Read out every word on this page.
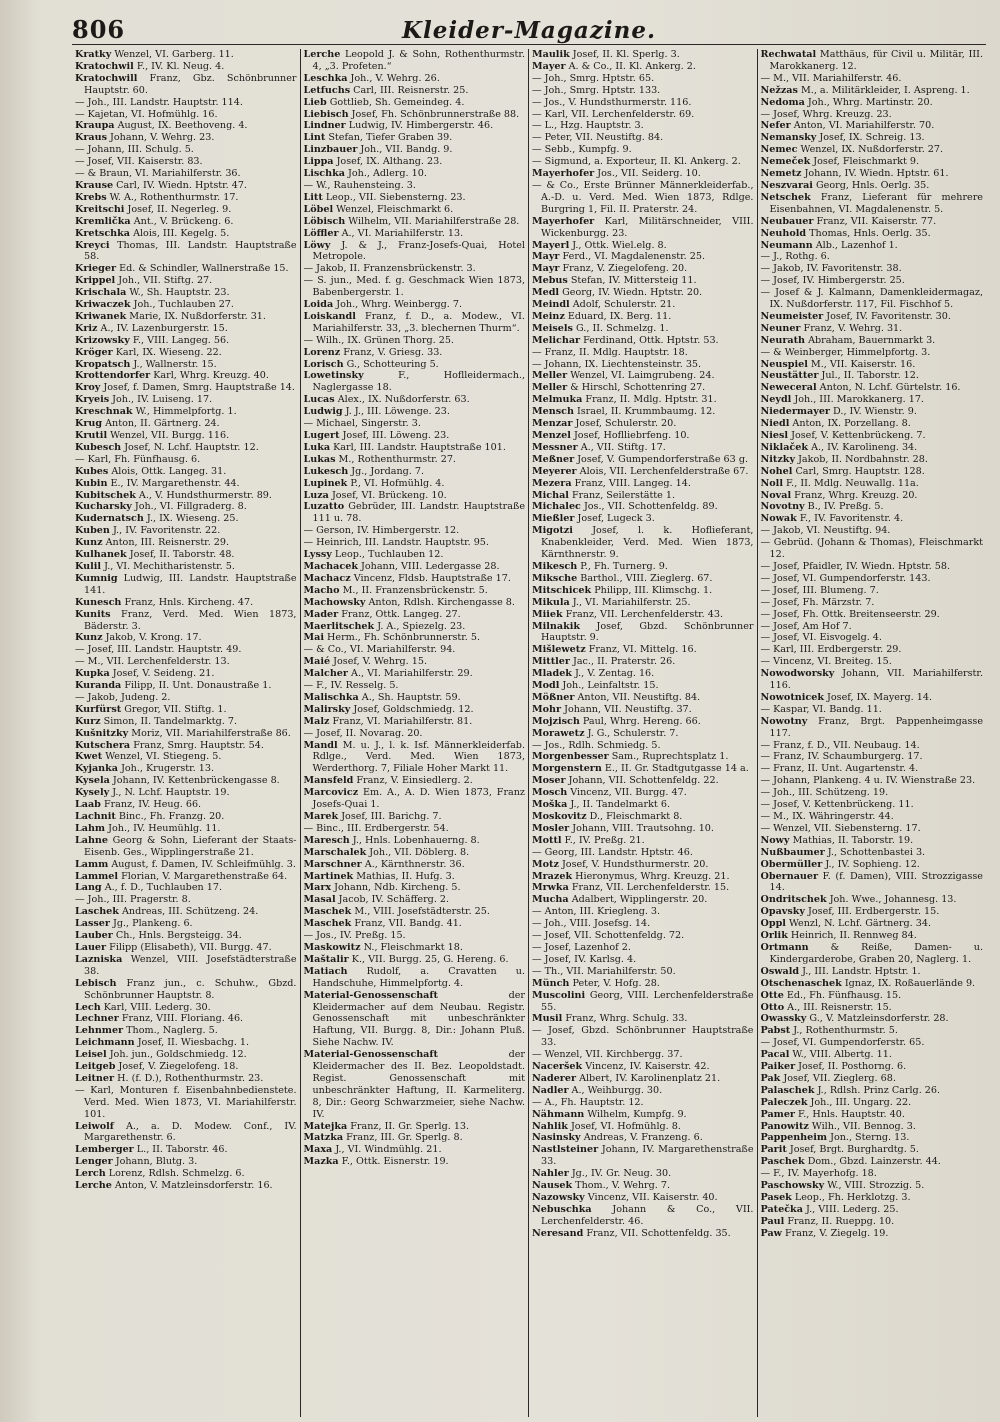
806	Kleider-Magazine.
Kratky Wenzel, VI. Garberg. 11.
Kratochwil F., IV. Kl. Neug. 4.
Kratochwill Franz, Gbz. Schönbrunner Hauptstr. 60.
— Joh., III. Landstr. Hauptstr. 114.
— Kajetan, VI. Hofmühlg. 16.
Kraupa August, IX. Beethoveng. 4.
Kraus Johann, V. Wehrg. 23.
— Johann, III. Schulg. 5.
— Josef, VII. Kaiserstr. 83.
— & Braun, VI. Mariahilferstr. 36.
Krause Carl, IV. Wiedn. Hptstr. 47.
Krebs W. A., Rothenthurmstr. 17.
Kreitschi Josef, II. Negerleg. 9.
Kremlička Ant., V. Brückeng. 6.
Kretschka Alois, III. Kegelg. 5.
Kreyci Thomas, III. Landstr. Hauptstraße 58.
Krieger Ed. & Schindler, Wallnerstraße 15.
Krippel Joh., VII. Stiftg. 27.
Krischala W., Sh. Hauptstr. 23.
Kriwaczek Joh., Tuchlauben 27.
Kriwanek Marie, IX. Nußdorferstr. 31.
Kriz A., IV. Lazenburgerstr. 15.
Krizowsky F., VIII. Langeg. 56.
Kröger Karl, IX. Wieseng. 22.
Kropatsch J., Wallnerstr. 15.
Krottendorfer Karl, Whrg. Kreuzg. 40.
Kroy Josef, f. Damen, Smrg. Hauptstraße 14.
Kryeis Joh., IV. Luiseng. 17.
Kreschnak W., Himmelpfortg. 1.
Krug Anton, II. Gärtnerg. 24.
Krutil Wenzel, VII. Burgg. 116.
Kubesch Josef, N. Lchf. Hauptstr. 12.
— Karl, Fh. Fünfhausg. 6.
Kubes Alois, Ottk. Langeg. 31.
Kubin E., IV. Margarethenstr. 44.
Kubitschek A., V. Hundsthurmerstr. 89.
Kucharsky Joh., VI. Fillgraderg. 8.
Kudernatsch J., IX. Wieseng. 25.
Kuben J., IV. Favoritenstr. 22.
Kunz Anton, III. Reisnerstr. 29.
Kulhanek Josef, II. Taborstr. 48.
Kulil J., VI. Mechitharistenstr. 5.
Kumnig Ludwig, III. Landstr. Hauptstraße 141.
Kunesch Franz, Hnls. Kircheng. 47.
Kunits Franz, Verd. Med. Wien 1873, Bäderstr. 3.
Kunz Jakob, V. Krong. 17.
— Josef, III. Landstr. Hauptstr. 49.
— M., VII. Lerchenfelderstr. 13.
Kupka Josef, V. Seideng. 21.
Kuranda Filipp, II. Unt. Donaustraße 1.
— Jakob, Judeng. 2.
Kurfürst Gregor, VII. Stiftg. 1.
Kurz Simon, II. Tandelmarktg. 7.
Kušnitzky Moriz, VII. Mariahilferstraße 86.
Kutschera Franz, Smrg. Hauptstr. 54.
Kwet Wenzel, VI. Stiegeng. 5.
Kyjanka Joh., Krugerstr. 13.
Kysela Johann, IV. Kettenbrückengasse 8.
Kysely J., N. Lchf. Hauptstr. 19.
Laab Franz, IV. Heug. 66.
Lachnit Binc., Fh. Franzg. 20.
Lahm Joh., IV. Heumühlg. 11.
Lahne Georg & Sohn, Lieferant der Staats-Eisenb. Ges., Wipplingerstraße 21.
Lamm August, f. Damen, IV. Schleifmühlg. 3.
Lammel Florian, V. Margarethenstraße 64.
Lang A., f. D., Tuchlauben 17.
— Joh., III. Pragerstr. 8.
Laschek Andreas, III. Schützeng. 24.
Lasser Jg., Plankeng. 6.
Lauber Ch., Hnls. Bergsteigg. 34.
Lauer Filipp (Elisabeth), VII. Burgg. 47.
Lazniska Wenzel, VIII. Josefstädterstraße 38.
Lebisch Franz jun., c. Schuhw., Gbzd. Schönbrunner Hauptstr. 8.
Lech Karl, VIII. Lederg. 30.
Lechner Franz, VIII. Floriang. 46.
Lehnmer Thom., Naglerg. 5.
Leichmann Josef, II. Wiesbachg. 1.
Leisel Joh. jun., Goldschmiedg. 12.
Leitgeb Josef, V. Ziegelofeng. 18.
Leitner H. (f. D.), Rothenthurmstr. 23.
— Karl, Monturen f. Eisenbahnbedienstete. Verd. Med. Wien 1873, VI. Mariahilferstr. 101.
Leiwolf A., a. D. Modew. Conf., IV. Margarethenstr. 6.
Lemberger L., II. Taborstr. 46.
Lenger Johann, Blutg. 3.
Lerch Lorenz, Rdlsh. Schmelzg. 6.
Lerche Anton, V. Matzleinsdorferstr. 16.
Lerche Leopold J. & Sohn, Rothenthurmstr. 4, „3. Profeten.“
Leschka Joh., V. Wehrg. 26.
Letfuchs Carl, III. Reisnerstr. 25.
Lieb Gottlieb, Sh. Gemeindeg. 4.
Liebisch Josef, Fh. Schönbrunnerstraße 88.
Lindner Ludwig, IV. Himbergerstr. 46.
Lint Stefan, Tiefer Graben 39.
Linzbauer Joh., VII. Bandg. 9.
Lippa Josef, IX. Althang. 23.
Lischka Joh., Adlerg. 10.
— W., Rauhensteing. 3.
Litt Leop., VII. Siebensterng. 23.
Löbel Wenzel, Fleischmarkt 6.
Löbisch Wilhelm, VII. Mariahilferstraße 28.
Löffler A., VI. Mariahilferstr. 13.
Löwy J. & J., Franz-Josefs-Quai, Hotel Metropole.
— Jakob, II. Franzensbrückenstr. 3.
— S. jun., Med. f. g. Geschmack Wien 1873, Babenbergerstr. 1.
Loida Joh., Whrg. Weinbergg. 7.
Loiskandl Franz, f. D., a. Modew., VI. Mariahilferstr. 33, „3. blechernen Thurm“.
— Wilh., IX. Grünen Thorg. 25.
Lorenz Franz, V. Griesg. 33.
Lorisch G., Schotteuring 5.
Lowetinsky F., Hoflleidermach., Naglergasse 18.
Lucas Alex., IX. Nußdorferstr. 63.
Ludwig J. J., III. Löwenge. 23.
— Michael, Singerstr. 3.
Lugert Josef, III. Löweng. 23.
Luka Karl, III. Landstr. Hauptstraße 101.
Lukas M., Rothenthurmstr. 27.
Lukesch Jg., Jordang. 7.
Lupinek P., VI. Hofmühlg. 4.
Luza Josef, VI. Brückeng. 10.
Luzatto Gebrüder, III. Landstr. Hauptstraße 111 u. 78.
— Gerson, IV. Himbergerstr. 12.
— Heinrich, III. Landstr. Hauptstr. 95.
Lyssy Leop., Tuchlauben 12.
Machacek Johann, VIII. Ledergasse 28.
Machacz Vincenz, Fldsb. Hauptstraße 17.
Macho M., II. Franzensbrückenstr. 5.
Machowsky Anton, Rdlsh. Kirchengasse 8.
Mader Franz, Ottk. Langeg. 27.
Maerlitschek J. A., Spiezelg. 23.
Mai Herm., Fh. Schönbrunnerstr. 5.
— & Co., VI. Mariahilferstr. 94.
Maié Josef, V. Wehrg. 15.
Malcher A., VI. Mariahilferstr. 29.
— F., IV. Resselg. 5.
Malischka A., Sh. Hauptstr. 59.
Malirsky Josef, Goldschmiedg. 12.
Malz Franz, VI. Mariahilferstr. 81.
— Josef, II. Novarag. 20.
Mandl M. u. J., l. k. Isf. Männerkleiderfab. Rdlge., Verd. Med. Wien 1873, Werderthorg. 7, Filiale Hoher Markt 11.
Mansfeld Franz, V. Einsiedlerg. 2.
Marcovicz Em. A., A. D. Wien 1873, Franz Josefs-Quai 1.
Marek Josef, III. Barichg. 7.
— Binc., III. Erdbergerstr. 54.
Maresch J., Hnls. Lobenhauerng. 8.
Marschalek Joh., VII. Döblerg. 8.
Marschner A., Kärnthnerstr. 36.
Martinek Mathias, II. Hufg. 3.
Marx Johann, Ndb. Kircheng. 5.
Masal Jacob, IV. Schäfferg. 2.
Maschek M., VIII. Josefstädterstr. 25.
Maschek Franz, VII. Bandg. 41.
— Jos., IV. Preßg. 15.
Maskowitz N., Fleischmarkt 18.
Maštalir K., VII. Burgg. 25, G. Hereng. 6.
Matiach Rudolf, a. Cravatten u. Handschuhe, Himmelpfortg. 4.
Material-Genossenschaft der Kleidermacher auf dem Neubau. Registr. Genossenschaft mit unbeschränkter Haftung, VII. Burgg. 8, Dir.: Johann Pluß. Siehe Nachw. IV.
Material-Genossenschaft der Kleidermacher des II. Bez. Leopoldstadt. Regist. Genossenschaft mit unbeschränkter Haftung, II. Karmeliterg. 8, Dir.: Georg Schwarzmeier, siehe Nachw. IV.
Matejka Franz, II. Gr. Sperlg. 13.
Matzka Franz, III. Gr. Sperlg. 8.
Maxa J., VI. Windmühlg. 21.
Mazka F., Ottk. Eisnerstr. 19.
Maulik Josef, II. Kl. Sperlg. 3.
Mayer A. & Co., II. Kl. Ankerg. 2.
— Joh., Smrg. Hptstr. 65.
— Joh., Smrg. Hptstr. 133.
— Jos., V. Hundsthurmerstr. 116.
— Karl, VII. Lerchenfelderstr. 69.
— L., Hzg. Hauptstr. 3.
— Peter, VII. Neustiftg. 84.
— Sebb., Kumpfg. 9.
— Sigmund, a. Exporteur, II. Kl. Ankerg. 2.
Mayerhofer Jos., VII. Seiderg. 10.
— & Co., Erste Brünner Männerkleiderfab., A.-D. u. Verd. Med. Wien 1873, Rdlge. Burgring 1, Fil. II. Praterstr. 24.
Mayerhofer Karl, Militärschneider, VIII. Wickenburgg. 23.
Mayerl J., Ottk. Wiel.elg. 8.
Mayr Ferd., VI. Magdalenenstr. 25.
Mayr Franz, V. Ziegelofeng. 20.
Mebus Stefan, IV. Mittersteig 11.
Medl Georg, IV. Wiedn. Hptstr. 20.
Meindl Adolf, Schulerstr. 21.
Meinz Eduard, IX. Berg. 11.
Meisels G., II. Schmelzg. 1.
Melichar Ferdinand, Ottk. Hptstr. 53.
— Franz, II. Mdlg. Hauptstr. 18.
— Johann, IX. Liechtensteinstr. 35.
Meller Wenzel, VI. Laimgrubeng. 24.
Meller & Hirschl, Schottenring 27.
Melmuka Franz, II. Mdlg. Hptstr. 31.
Mensch Israel, II. Krummbaumg. 12.
Menzar Josef, Schulerstr. 20.
Menzel Josef, Hoflliebrfeng. 10.
Messner A., VII. Stiftg. 17.
Meßner Josef, V. Gumpendorferstraße 63 g.
Meyerer Alois, VII. Lerchenfelderstraße 67.
Mezera Franz, VIII. Langeg. 14.
Michal Franz, Seilerstätte 1.
Michalec Jos., VII. Schottenfeldg. 89.
Mießler Josef, Lugeck 3.
Migotzi Josef, l. k. Hoflieferant, Knabenkleider, Verd. Med. Wien 1873, Kärnthnerstr. 9.
Mikesch P., Fh. Turnerg. 9.
Miksche Barthol., VIII. Zieglerg. 67.
Mitschicek Philipp, III. Klimschg. 1.
Mikula J., VI. Mariahilferstr. 25.
Miiek Franz, VII. Lerchenfelderstr. 43.
Milnakik Josef, Gbzd. Schönbrunner Hauptstr. 9.
Mišlewetz Franz, VI. Mittelg. 16.
Mittler Jac., II. Praterstr. 26.
Mladek J., V. Zentag. 16.
Modl Joh., Leinfaltstr. 15.
Mößner Anton, VII. Neustiftg. 84.
Mohr Johann, VII. Neustiftg. 37.
Mojzisch Paul, Whrg. Hereng. 66.
Morawetz J. G., Schulerstr. 7.
— Jos., Rdlh. Schmiedg. 5.
Morgenbesser Sam., Ruprechtsplatz 1.
Morgenstern E., II. Gr. Stadtgutgasse 14 a.
Moser Johann, VII. Schottenfeldg. 22.
Mosch Vincenz, VII. Burgg. 47.
Moška J., II. Tandelmarkt 6.
Moskovitz D., Fleischmarkt 8.
Mosler Johann, VIII. Trautsohng. 10.
Mottl F., IV. Preßg. 21.
— Georg, III. Landstr. Hptstr. 46.
Motz Josef, V. Hundsthurmerstr. 20.
Mrazek Hieronymus, Whrg. Kreuzg. 21.
Mrwka Franz, VII. Lerchenfelderstr. 15.
Mucha Adalbert, Wipplingerstr. 20.
— Anton, III. Kriegleng. 3.
— Joh., VIII. Josefsg. 14.
— Josef, VII. Schottenfeldg. 72.
— Josef, Lazenhof 2.
— Josef, IV. Karlsg. 4.
— Th., VII. Mariahilferstr. 50.
Münch Peter, V. Hofg. 28.
Muscolini Georg, VIII. Lerchenfelderstraße 55.
Musil Franz, Whrg. Schulg. 33.
— Josef, Gbzd. Schönbrunner Hauptstraße 33.
— Wenzel, VII. Kirchbergg. 37.
Naceršek Vincenz, IV. Kaiserstr. 42.
Naderer Albert, IV. Karolinenplatz 21.
Nadler A., Weihburgg. 30.
— A., Fh. Hauptstr. 12.
Nähmann Wilhelm, Kumpfg. 9.
Nahlik Josef, VI. Hofmühlg. 8.
Nasinsky Andreas, V. Franzeng. 6.
Nastlsteiner Johann, IV. Margarethenstraße 33.
Nahler Jg., IV. Gr. Neug. 30.
Nausek Thom., V. Wehrg. 7.
Nazowsky Vincenz, VII. Kaiserstr. 40.
Nebuschka Johann & Co., VII. Lerchenfelderstr. 46.
Neresand Franz, VII. Schottenfeldg. 35.
Rechwatal Matthäus, für Civil u. Militär, III. Marokkanerg. 12.
— M., VII. Mariahilferstr. 46.
Nežzas M., a. Militärkleider, I. Aspreng. 1.
Nedoma Joh., Whrg. Martinstr. 20.
— Josef, Whrg. Kreuzg. 23.
Nefer Anton, VI. Mariahilferstr. 70.
Nemansky Josef, IX. Schreig. 13.
Nemec Wenzel, IX. Nußdorferstr. 27.
Nemeček Josef, Fleischmarkt 9.
Nemetz Johann, IV. Wiedn. Hptstr. 61.
Neszvarai Georg, Hnls. Oerlg. 35.
Netschek Franz, Lieferant für mehrere Eisenbahnen, VI. Magdalenenstr. 5.
Neubauer Franz, VII. Kaiserstr. 77.
Neuhold Thomas, Hnls. Oerlg. 35.
Neumann Alb., Lazenhof 1.
— J., Rothg. 6.
— Jakob, IV. Favoritenstr. 38.
— Josef, IV. Himbergerstr. 25.
— Josef & J. Kalmann, Damenkleidermagaz, IX. Nußdorferstr. 117, Fil. Fischhof 5.
Neumeister Josef, IV. Favoritenstr. 30.
Neuner Franz, V. Wehrg. 31.
Neurath Abraham, Bauernmarkt 3.
— & Weinberger, Himmelpfortg. 3.
Neuspiel M., VII. Kaiserstr. 16.
Neustätter Jul., II. Taborstr. 12.
Neweceral Anton, N. Lchf. Gürtelstr. 16.
Neydl Joh., III. Marokkanerg. 17.
Niedermayer D., IV. Wienstr. 9.
Niedl Anton, IX. Porzellang. 8.
Niesl Josef, V. Kettenbrückeng. 7.
Niklaček A., IV. Karolineng. 34.
Nitzky Jakob, II. Nordbahnstr. 28.
Nohel Carl, Smrg. Hauptstr. 128.
Noll F., II. Mdlg. Neuwallg. 11a.
Noval Franz, Whrg. Kreuzg. 20.
Novotny B., IV. Preßg. 5.
Nowak F., IV. Favoritenstr. 4.
— Jakob, VI. Neustiftg. 94.
— Gebrüd. (Johann & Thomas), Fleischmarkt 12.
— Josef, Pfaidler, IV. Wiedn. Hptstr. 58.
— Josef, VI. Gumpendorferstr. 143.
— Josef, III. Blumeng. 7.
— Josef, Fh. Märzstr. 7.
— Josef, Fh. Ottk. Breitenseerstr. 29.
— Josef, Am Hof 7.
— Josef, VI. Eisvogelg. 4.
— Karl, III. Erdbergerstr. 29.
— Vincenz, VI. Breiteg. 15.
Nowodworsky Johann, VII. Mariahilferstr. 116.
Nowotnicek Josef, IX. Mayerg. 14.
— Kaspar, VI. Bandg. 11.
Nowotny Franz, Brgt. Pappenheimgasse 117.
— Franz, f. D., VII. Neubaug. 14.
— Franz, IV. Schaumburgerg. 17.
— Franz, II. Unt. Augartenstr. 4.
— Johann, Plankeng. 4 u. IV. Wienstraße 23.
— Joh., III. Schützeng. 19.
— Josef, V. Kettenbrückeng. 11.
— M., IX. Währingerstr. 44.
— Wenzel, VII. Siebensterng. 17.
Nowy Mathias, II. Taborstr. 19.
Nußbaumer J., Schottenbastei 3.
Obermüller J., IV. Sophieng. 12.
Obernauer F. (f. Damen), VIII. Strozzigasse 14.
Ondritschek Joh. Wwe., Johannesg. 13.
Opavsky Josef, III. Erdbergerstr. 15.
Oppl Wenzl, N. Lchf. Gärtnerg. 34.
Orlik Heinrich, II. Rennweg 84.
Ortmann & Reiße, Damen- u. Kindergarderobe, Graben 20, Naglerg. 1.
Oswald J., III. Landstr. Hptstr. 1.
Otschenaschek Ignaz, IX. Roßauerlände 9.
Otte Ed., Fh. Fünfhausg. 15.
Otto A., III. Reisnerstr. 15.
Owassky G., V. Matzleinsdorferstr. 28.
Pabst J., Rothenthurmstr. 5.
— Josef, VI. Gumpendorferstr. 65.
Pacal W., VIII. Albertg. 11.
Paiker Josef, II. Posthorng. 6.
Pak Josef, VII. Zieglerg. 68.
Palaschek J., Rdlsh. Prinz Carlg. 26.
Paleczek Joh., III. Ungarg. 22.
Pamer F., Hnls. Hauptstr. 40.
Panowitz Wilh., VII. Bennog. 3.
Pappenheim Jon., Sterng. 13.
Parit Josef, Brgt. Burghardtg. 5.
Paschek Dom., Gbzd. Lainzerstr. 44.
— F., IV. Mayerhofg. 18.
Paschowsky W., VIII. Strozzig. 5.
Pasek Leop., Fh. Herklotzg. 3.
Patečka J., VIII. Lederg. 25.
Paul Franz, II. Rueppg. 10.
Paw Franz, V. Ziegelg. 19.
